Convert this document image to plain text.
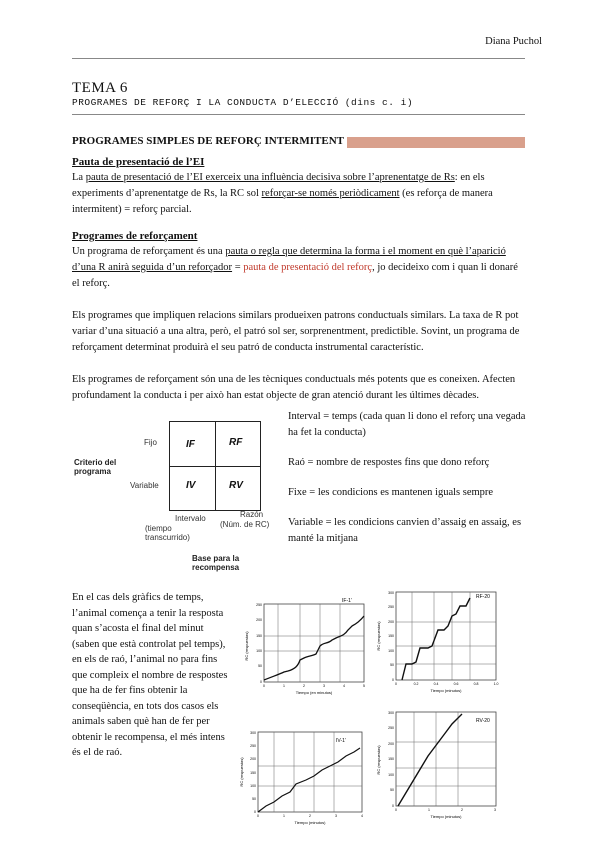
Diana Puchol
TEMA 6
PROGRAMES DE REFORÇ I LA CONDUCTA D’ELECCIÓ (dins c. i)
PROGRAMES SIMPLES DE REFORÇ INTERMITENT

Pauta de presentació de l’EI

La pauta de presentació de l’EI exerceix una influència decisiva sobre l’aprenentatge de Rs: en els experiments d’aprenentatge de Rs, la RC sol reforçar-se només periòdicament (es reforça de manera intermitent) = reforç parcial.

Programes de reforçament

Un programa de reforçament és una pauta o regla que determina la forma i el moment en què l’aparició d’una R anirà seguida d’un reforçador = pauta de presentació del reforç, jo decideixo com i quan li donaré el reforç.

Els programes que impliquen relacions similars produeixen patrons conductuals similars. La taxa de R pot variar d’una situació a una altra, però, el patró sol ser, sorprenentment, predictible. Sovint, un programa de reforçament determinat produirà el seu patró de conducta instrumental característic.

Els programes de reforçament són una de les tècniques conductuals més potents que es coneixen. Afecten profundament la conducta i per això han estat objecte de gran atenció durant les últimes dècades.

Criterio del programa
Fijo
Variable
IF	RF
IV	RV
Intervalo
(tiempo transcurrido)
Razón
(Núm. de RC)
Base para la recompensa

Interval = temps (cada quan li dono el reforç una vegada ha fet la conducta)

Raó = nombre de respostes fins que dono reforç

Fixe = les condicions es mantenen iguals sempre

Variable = les condicions canvien d’assaig en assaig, es manté la mitjana

En el cas dels gràfics de temps, l’animal comença a tenir la resposta quan s’acosta el final del minut (saben que està controlat pel temps), en els de raó, l’animal no para fins que compleix el nombre de respostes que ha de fer fins obtenir la conseqüència, en tots dos casos els animals saben què han de fer per obtenir le recompensa, el més intens és el de raó.
IF-1’
250
200
150
100
50
0
0	1	2	3	4	5
Tiempo (en minutos)
RC (respuestas)
RF-20
300
250
200
150
100
50
0
0	0.2	0.4	0.6	0.8	1.0
Tiempo (minutos)
RC (respuestas)
IV-1’
300
250
200
150
100
50
0
0	1	2	3	4
Tiempo (minutos)
RC (respuestas)
RV-20
300
250
200
150
100
50
0
0	1	2	3
Tiempo (minutos)
RC (respuestas)
